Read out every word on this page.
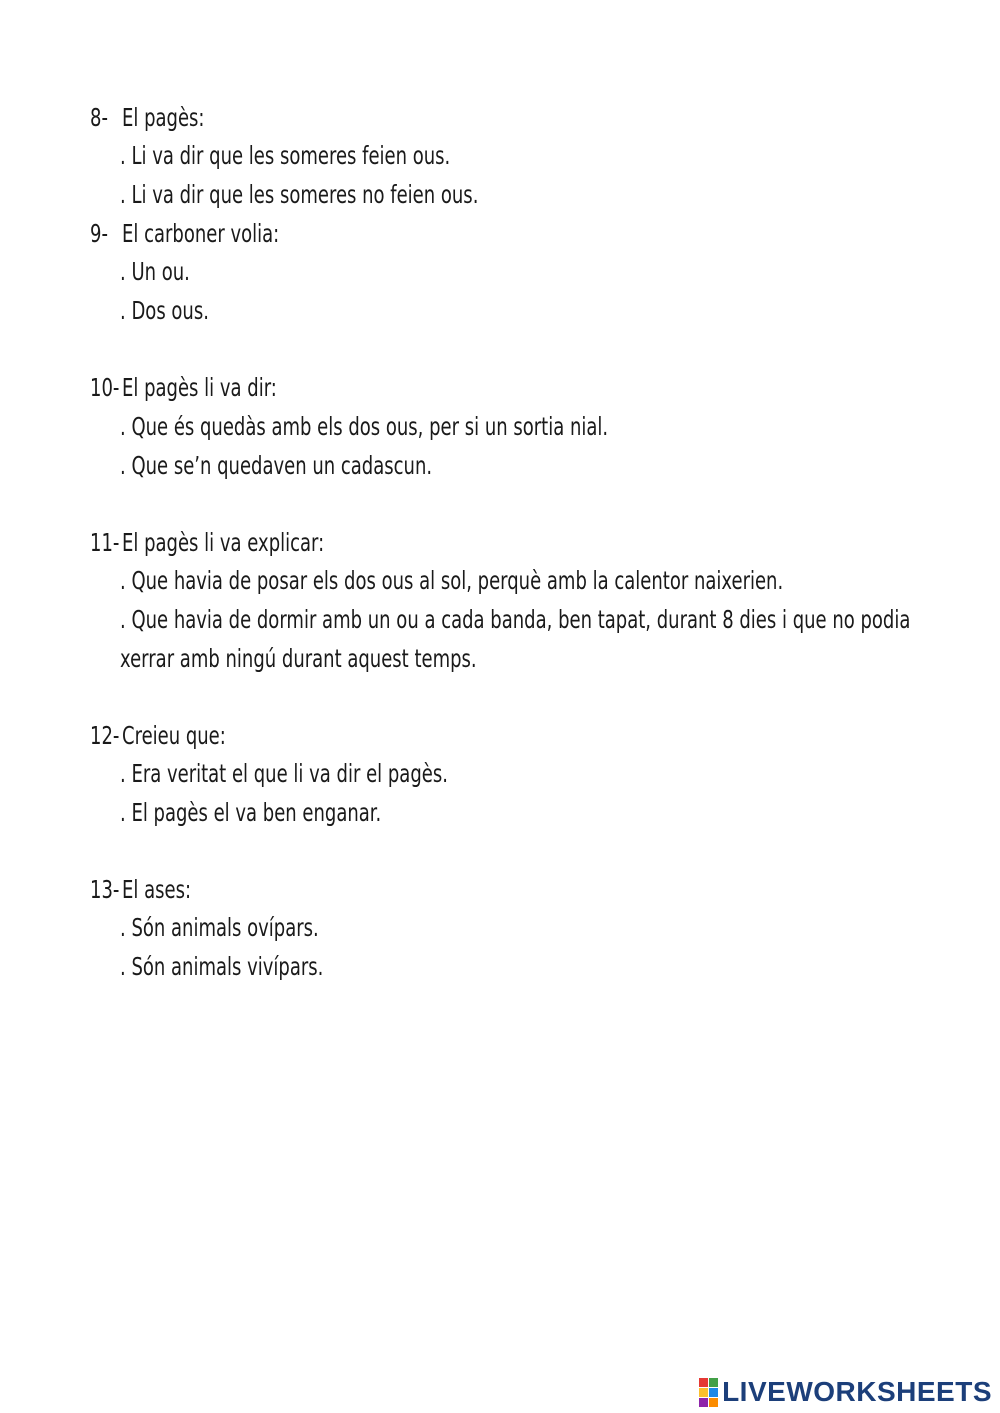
8- El pagès:
. Li va dir que les someres feien ous.
. Li va dir que les someres no feien ous.
9- El carboner volia:
. Un ou.
. Dos ous.
10- El pagès li va dir:
. Que és quedàs amb els dos ous, per si un sortia nial.
. Que se’n quedaven un cadascun.
11- El pagès li va explicar:
. Que havia de posar els dos ous al sol, perquè amb la calentor naixerien.
. Que havia de dormir amb un ou a cada banda, ben tapat, durant 8 dies i que no podia
xerrar amb ningú durant aquest temps.
12- Creieu que:
. Era veritat el que li va dir el pagès.
. El pagès el va ben enganar.
13- El ases:
. Són animals ovípars.
. Són animals vivípars.
LIVEWORKSHEETS
